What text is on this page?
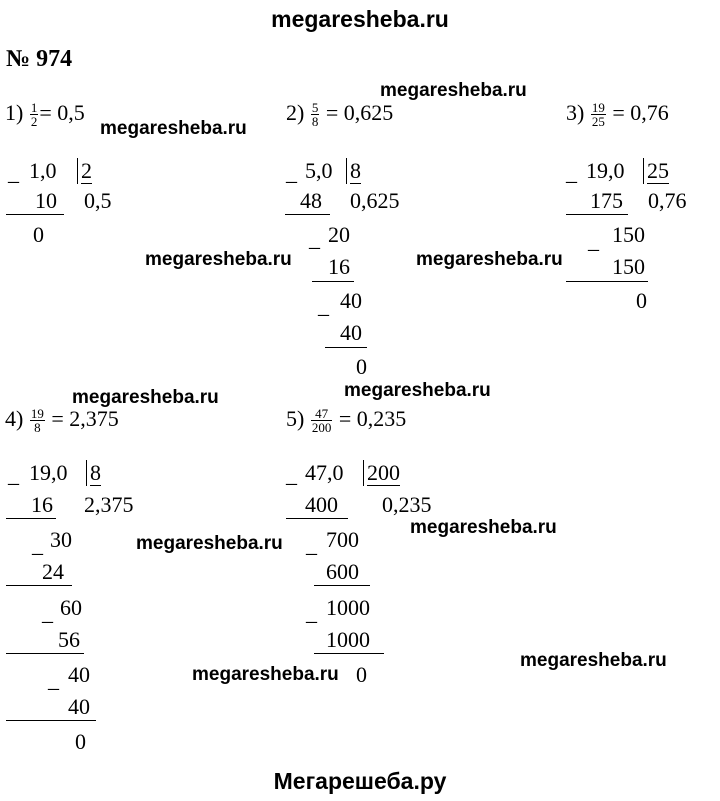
megaresheba.ru
№ 974
$1) \frac{1}{2} = 0,5$
_ 1,0 2
10 0,5
0
$2) \frac{5}{8} = 0,625$
_ 5,0 8
48 0,625
_ 20
16
_ 40
40
0
$3) \frac{19}{25} = 0,76$
_ 19,0 25
175 0,76
_ 150
150
0
$4) \frac{19}{8} = 2,375$
_ 19,0 8
16 2,375
_ 30
24
_ 60
56
_ 40
40
0
$5) \frac{47}{200} = 0,235$
_ 47,0 200
400 0,235
_ 700
600
_ 1000
1000
0
megaresheba.ru
megaresheba.ru
megaresheba.ru	megaresheba.ru
megaresheba.ru	megaresheba.ru
megaresheba.ru
megaresheba.ru
megaresheba.ru
megaresheba.ru
Мегарешеба.ру
